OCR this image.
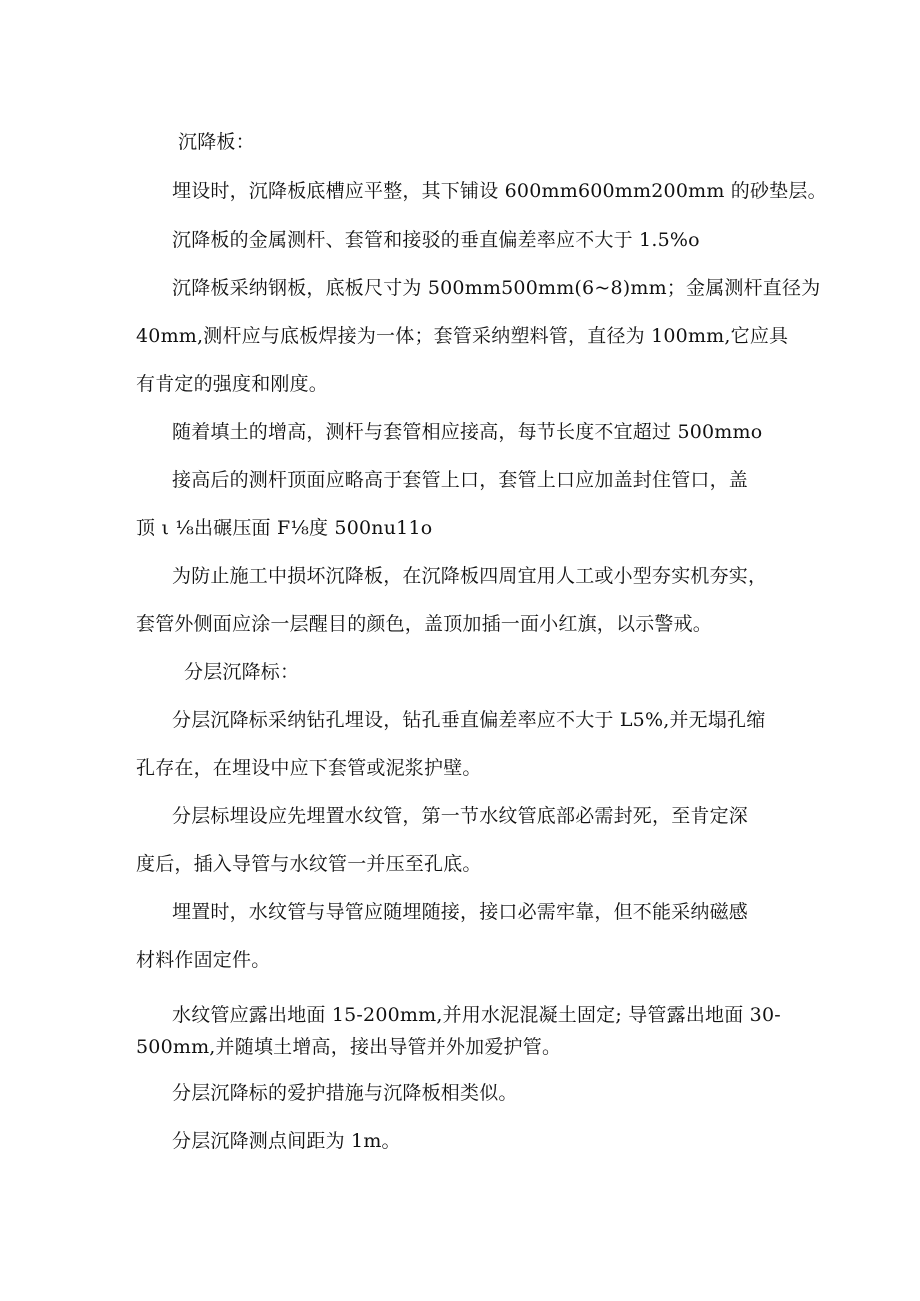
沉降板：
埋设时，沉降板底槽应平整，其下铺设 600mm600mm200mm 的砂垫层。
沉降板的金属测杆、套管和接驳的垂直偏差率应不大于 1.5%o
沉降板采纳钢板，底板尺寸为 500mm500mm(6~8)mm；金属测杆直径为
40mm,测杆应与底板焊接为一体；套管采纳塑料管，直径为 100mm,它应具
有肯定的强度和刚度。
随着填土的增高，测杆与套管相应接高，每节长度不宜超过 500mmo
接高后的测杆顶面应略高于套管上口，套管上口应加盖封住管口，盖
顶 ι ⅛出碾压面 F⅛度 500nu11o
为防止施工中损坏沉降板，在沉降板四周宜用人工或小型夯实机夯实，
套管外侧面应涂一层醒目的颜色，盖顶加插一面小红旗，以示警戒。
分层沉降标：
分层沉降标采纳钻孔埋设，钻孔垂直偏差率应不大于 L5%,并无塌孔缩
孔存在，在埋设中应下套管或泥浆护壁。
分层标埋设应先埋置水纹管，第一节水纹管底部必需封死，至肯定深
度后，插入导管与水纹管一并压至孔底。
埋置时，水纹管与导管应随埋随接，接口必需牢靠，但不能采纳磁感
材料作固定件。
水纹管应露出地面 15-200mm,并用水泥混凝土固定; 导管露出地面 30-
500mm,并随填土增高，接出导管并外加爱护管。
分层沉降标的爱护措施与沉降板相类似。
分层沉降测点间距为 1m。
